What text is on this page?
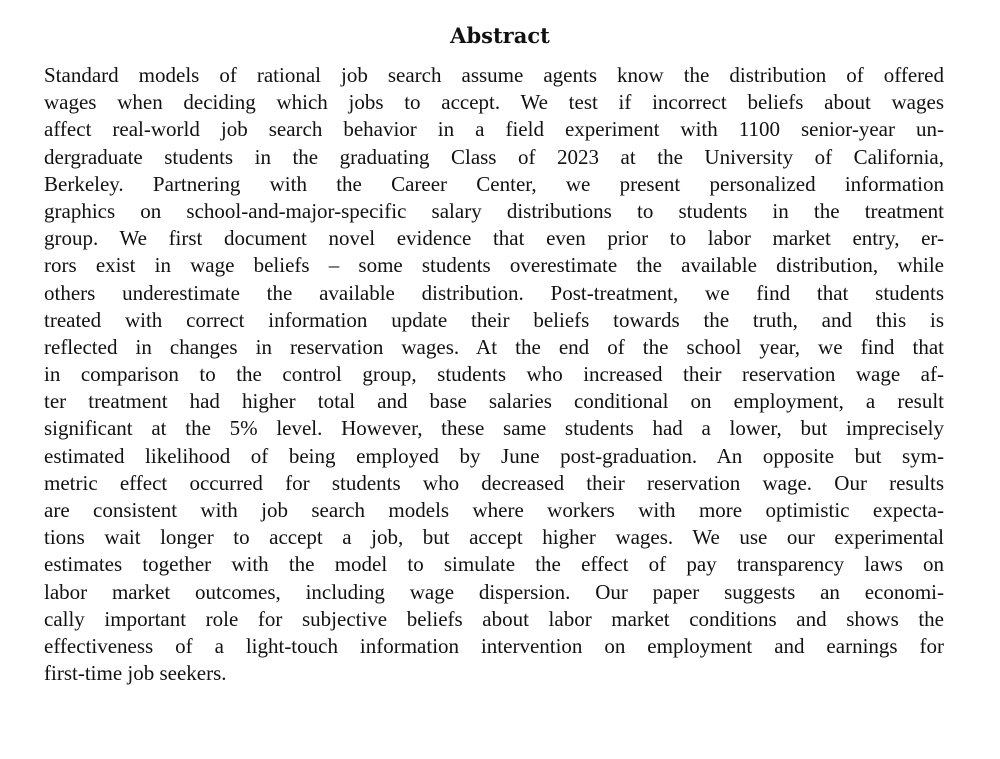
Abstract
Standard models of rational job search assume agents know the distribution of offered
wages when deciding which jobs to accept. We test if incorrect beliefs about wages
affect real-world job search behavior in a field experiment with 1100 senior-year un-
dergraduate students in the graduating Class of 2023 at the University of California,
Berkeley. Partnering with the Career Center, we present personalized information
graphics on school-and-major-specific salary distributions to students in the treatment
group. We first document novel evidence that even prior to labor market entry, er-
rors exist in wage beliefs – some students overestimate the available distribution, while
others underestimate the available distribution. Post-treatment, we find that students
treated with correct information update their beliefs towards the truth, and this is
reflected in changes in reservation wages. At the end of the school year, we find that
in comparison to the control group, students who increased their reservation wage af-
ter treatment had higher total and base salaries conditional on employment, a result
significant at the 5% level. However, these same students had a lower, but imprecisely
estimated likelihood of being employed by June post-graduation. An opposite but sym-
metric effect occurred for students who decreased their reservation wage. Our results
are consistent with job search models where workers with more optimistic expecta-
tions wait longer to accept a job, but accept higher wages. We use our experimental
estimates together with the model to simulate the effect of pay transparency laws on
labor market outcomes, including wage dispersion. Our paper suggests an economi-
cally important role for subjective beliefs about labor market conditions and shows the
effectiveness of a light-touch information intervention on employment and earnings for
first-time job seekers.
